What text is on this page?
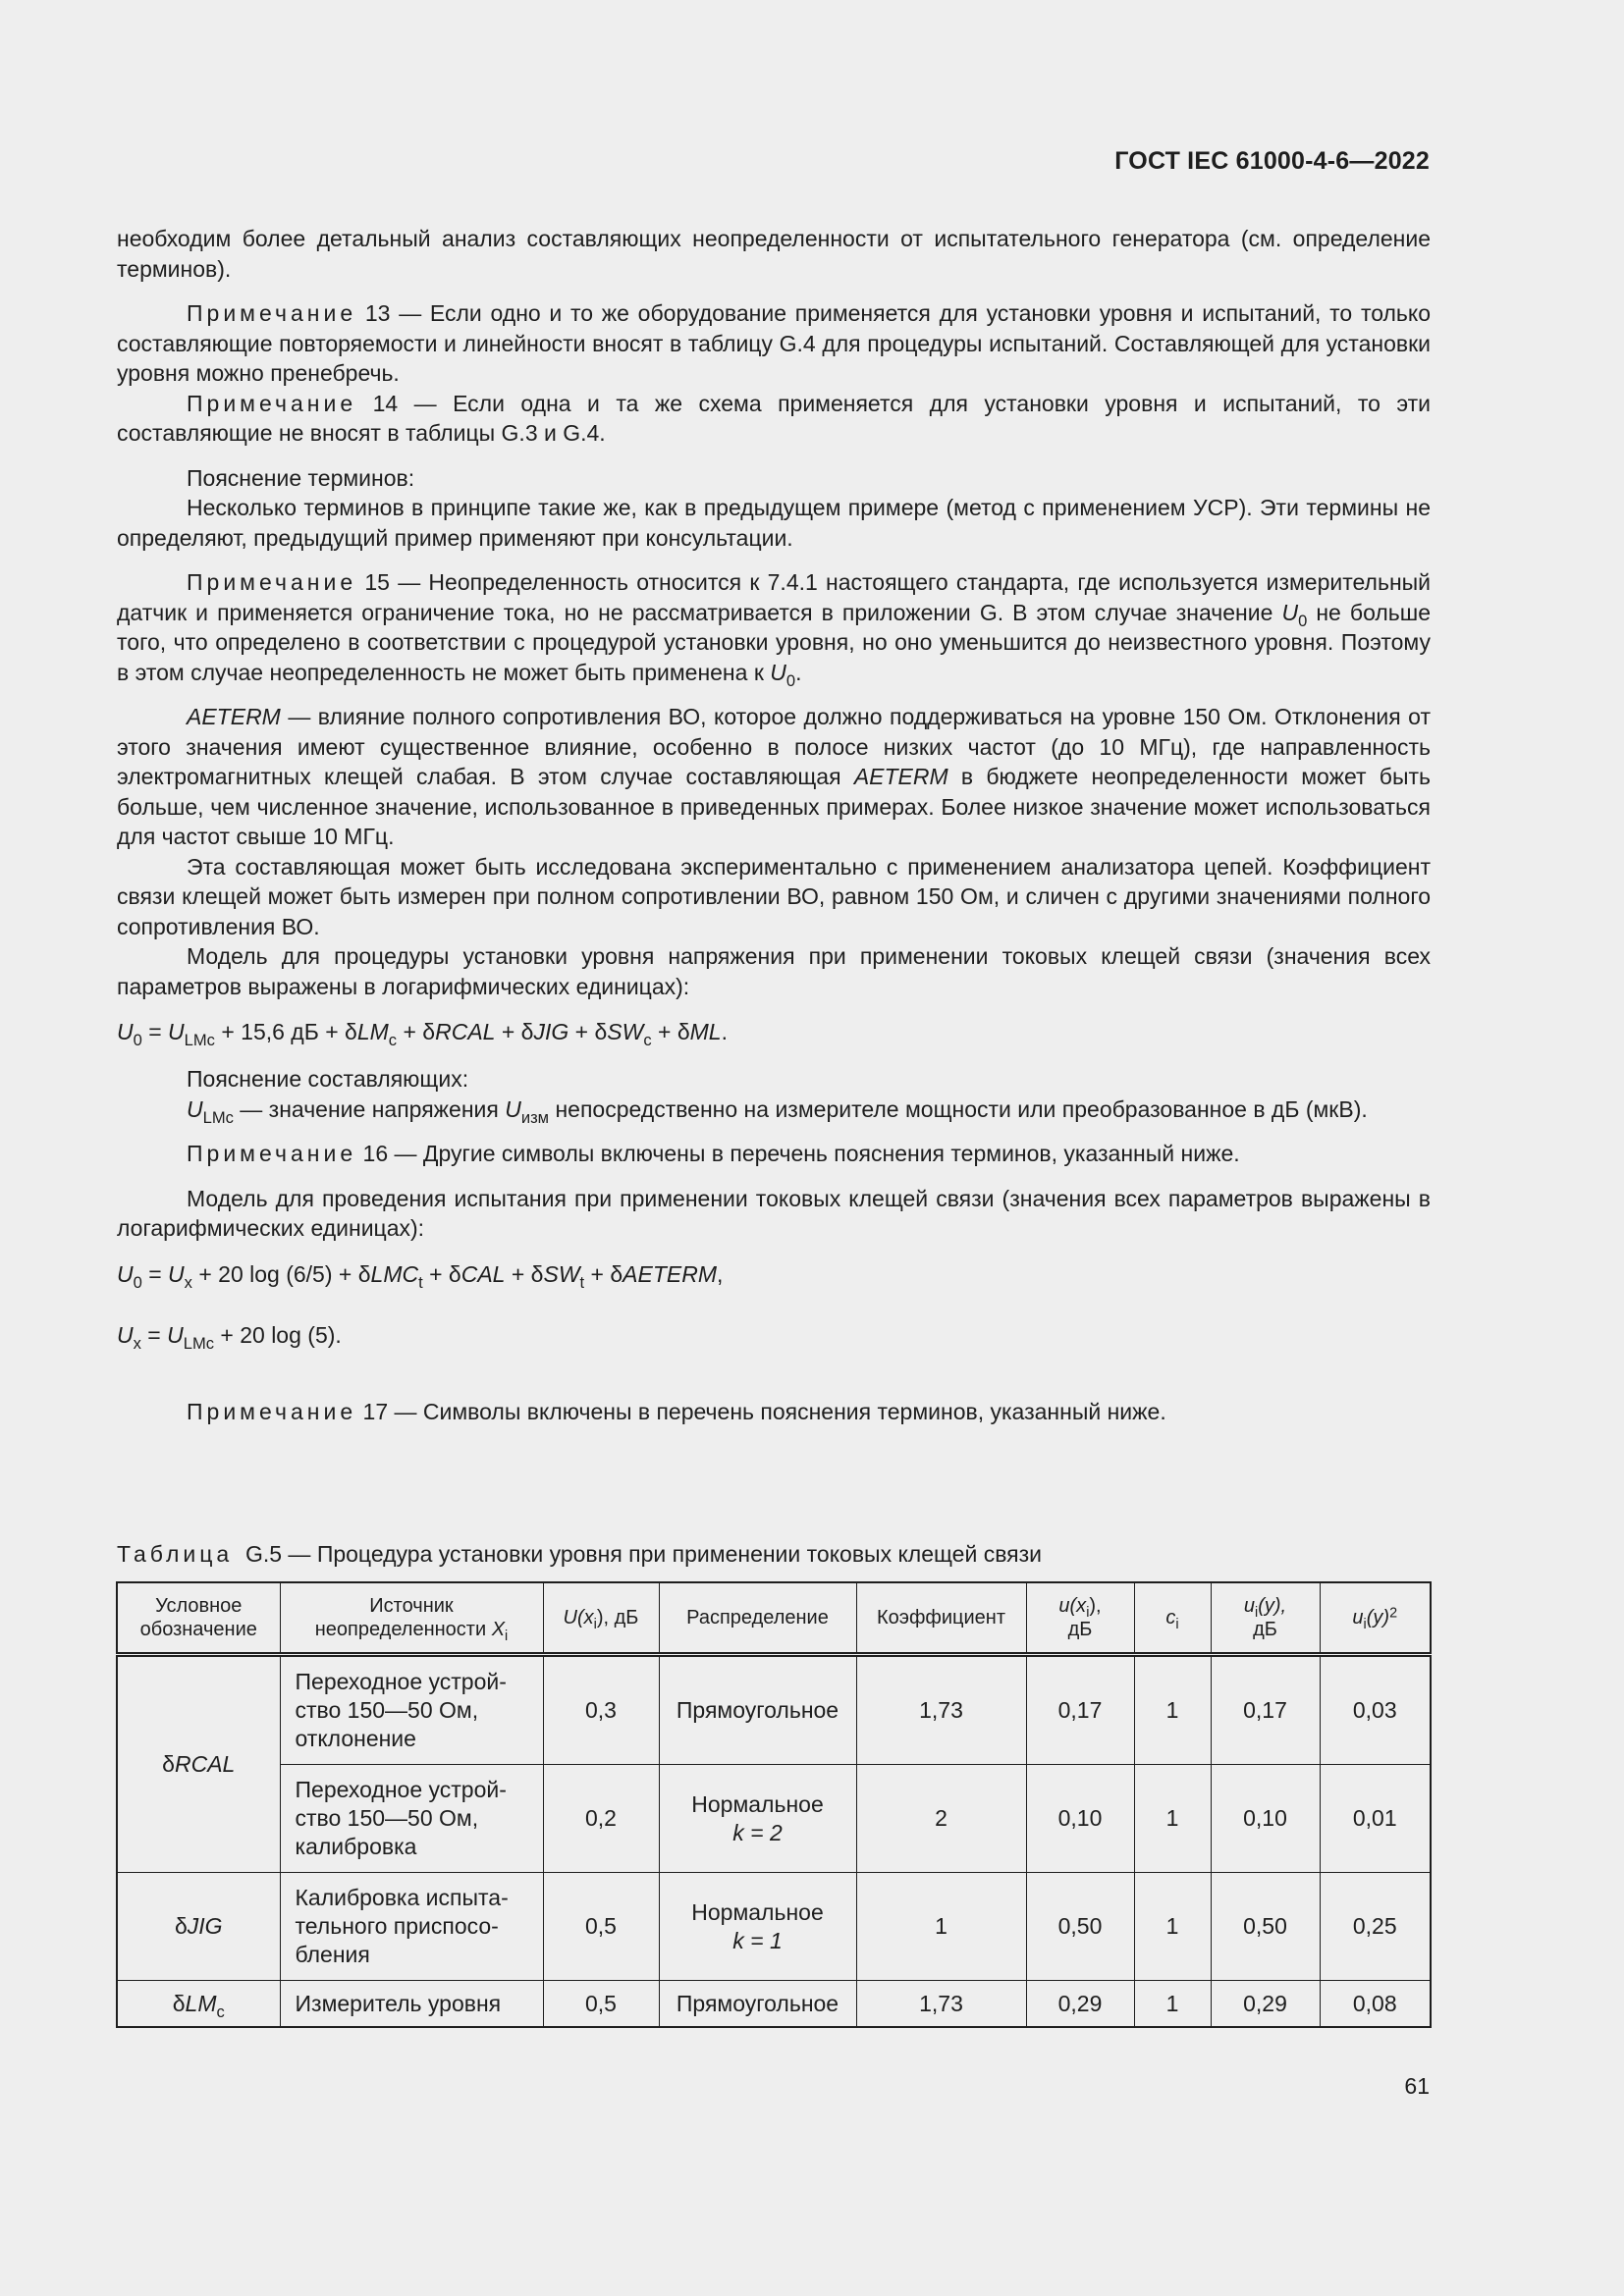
ГОСТ IEC 61000-4-6—2022

необходим более детальный анализ составляющих неопределенности от испытательного генератора (см. определение терминов).

Примечание 13 — Если одно и то же оборудование применяется для установки уровня и испытаний, то только составляющие повторяемости и линейности вносят в таблицу G.4 для процедуры испытаний. Составляющей для установки уровня можно пренебречь.

Примечание 14 — Если одна и та же схема применяется для установки уровня и испытаний, то эти составляющие не вносят в таблицы G.3 и G.4.

Пояснение терминов:

Несколько терминов в принципе такие же, как в предыдущем примере (метод с применением УСР). Эти термины не определяют, предыдущий пример применяют при консультации.

Примечание 15 — Неопределенность относится к 7.4.1 настоящего стандарта, где используется измерительный датчик и применяется ограничение тока, но не рассматривается в приложении G. В этом случае значение $U_0$ не больше того, что определено в соответствии с процедурой установки уровня, но оно уменьшится до неизвестного уровня. Поэтому в этом случае неопределенность не может быть применена к $U_0$.

AETERM — влияние полного сопротивления ВО, которое должно поддерживаться на уровне 150 Ом. Отклонения от этого значения имеют существенное влияние, особенно в полосе низких частот (до 10 МГц), где направленность электромагнитных клещей слабая. В этом случае составляющая AETERM в бюджете неопределенности может быть больше, чем численное значение, использованное в приведенных примерах. Более низкое значение может использоваться для частот свыше 10 МГц.

Эта составляющая может быть исследована экспериментально с применением анализатора цепей. Коэффициент связи клещей может быть измерен при полном сопротивлении ВО, равном 150 Ом, и сличен с другими значениями полного сопротивления ВО.

Модель для процедуры установки уровня напряжения при применении токовых клещей связи (значения всех параметров выражены в логарифмических единицах):

$U_0 = U_{LMc} + 15,6$ дБ + δLM$_c$ + δRCAL + δJIG + δSW$_c$ + δML.

Пояснение составляющих:

$U_{LMc}$ — значение напряжения $U_{изм}$ непосредственно на измерителе мощности или преобразованное в дБ (мкВ).

Примечание 16 — Другие символы включены в перечень пояснения терминов, указанный ниже.

Модель для проведения испытания при применении токовых клещей связи (значения всех параметров выражены в логарифмических единицах):

$U_0 = U_x + 20$ log (6/5) + δLMC$_t$ + δCAL + δSW$_t$ + δAETERM,

$U_x = U_{LMc} + 20$ log (5).

Примечание 17 — Символы включены в перечень пояснения терминов, указанный ниже.

Таблица G.5 — Процедура установки уровня при применении токовых клещей связи
Условное обозначение	Источник неопределенности $X_i$	$U(x_i)$, дБ	Распределение	Коэффициент	$u(x_i)$,
дБ	$c_i$	$u_i(y)$,
дБ	$u_i(y)^2$
δRCAL	Переходное устрой-
ство 150—50 Ом,
отклонение	0,3	Прямоугольное	1,73	0,17	1	0,17	0,03
	Переходное устрой-
ство 150—50 Ом,
калибровка	0,2	Нормальное
k = 2	2	0,10	1	0,10	0,01
δJIG	Калибровка испыта-
тельного приспосо-
бления	0,5	Нормальное
k = 1	1	0,50	1	0,50	0,25
δLM$_c$	Измеритель уровня	0,5	Прямоугольное	1,73	0,29	1	0,29	0,08
61
